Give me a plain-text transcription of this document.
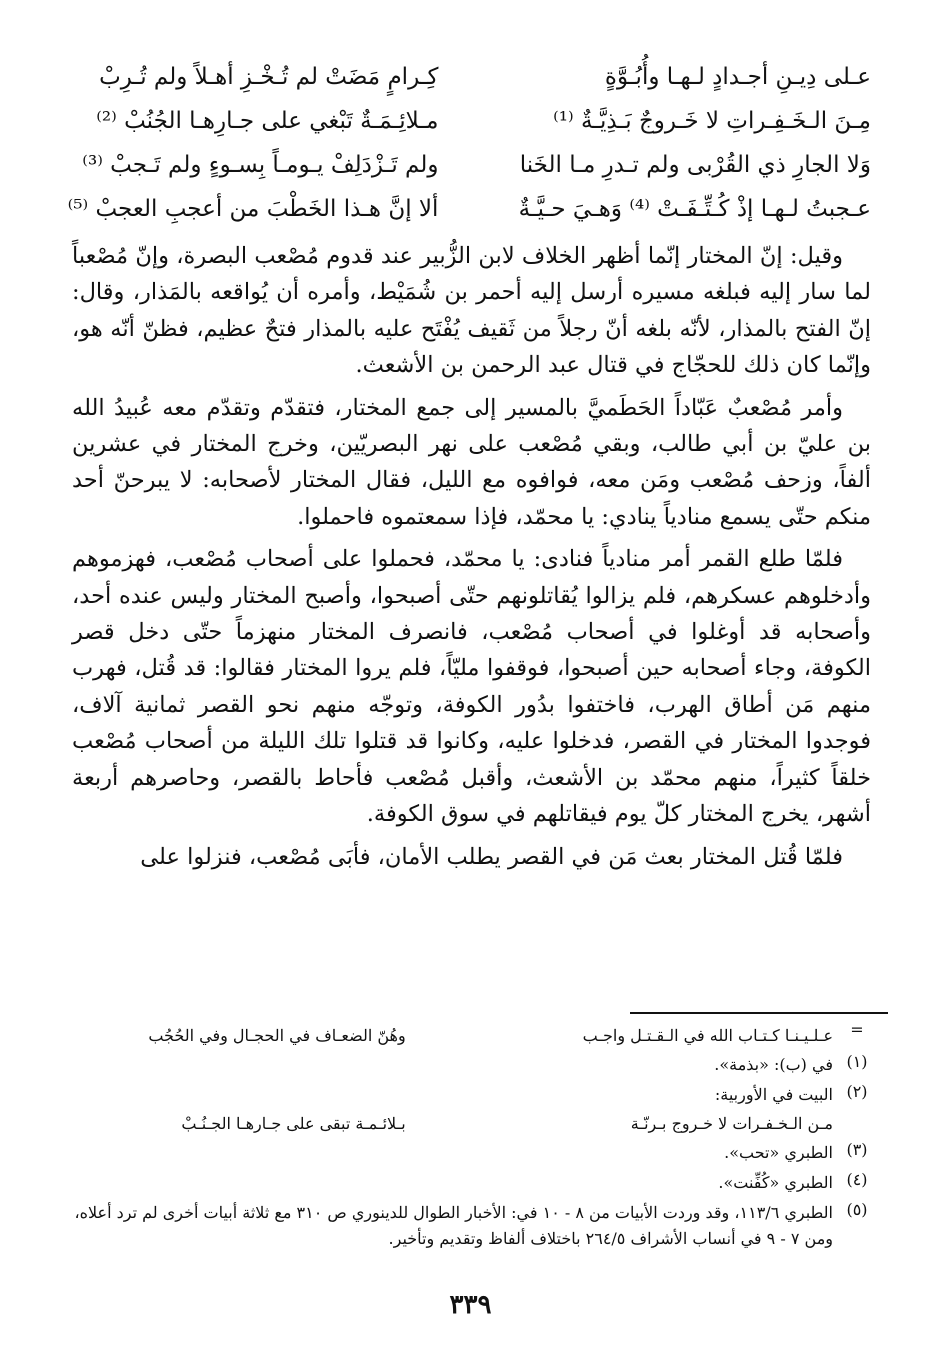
عـلى دِيـنِ أجـدادٍ لـهـا وأُبُـوَّةٍ
كِـرامٍ مَضَتْ لم تُـخْـزِ أهـلاً ولم تُـرِبْ
مِـنَ الـخَـفِـراتِ لا خَـروجٌ بَـذِيَّـةٌ ⁽¹⁾
مـلائِـمَـةٌ تَبْغي على جـارِهـا الجُنُبْ ⁽²⁾
وَلا الجارِ ذي القُرْبى ولم تـدرِ مـا الخَنا
ولم تَـزْدَلِفْ يـومـاً بِسـوءٍ ولم تَـجبْ ⁽³⁾
عـجبتُ لـهـا إذْ كُـتِّـفَـتْ ⁽⁴⁾ وَهـيَ حـيَّـةٌ
ألا إنَّ هـذا الخَطْبَ من أعجبِ العجبْ ⁽⁵⁾

وقيل: إنّ المختار إنّما أظهر الخلاف لابن الزُّبير عند قدوم مُصْعب البصرة، وإنّ مُصْعباً لما سار إليه فبلغه مسيره أرسل إليه أحمر بن شُمَيْط، وأمره أن يُواقعه بالمَذار، وقال: إنّ الفتح بالمذار، لأنّه بلغه أنّ رجلاً من ثَقيف يُفْتَح عليه بالمذار فتحٌ عظيم، فظنّ أنّه هو، وإنّما كان ذلك للحجّاج في قتال عبد الرحمن بن الأشعث.

وأمر مُصْعبٌ عَبّاداً الحَطَميَّ بالمسير إلى جمع المختار، فتقدّم وتقدّم معه عُبيدُ الله بن عليّ بن أبي طالب، وبقي مُصْعب على نهر البصريّين، وخرج المختار في عشرين ألفاً، وزحف مُصْعب ومَن معه، فوافوه مع الليل، فقال المختار لأصحابه: لا يبرحنّ أحد منكم حتّى يسمع منادياً ينادي: يا محمّد، فإذا سمعتموه فاحملوا.

فلمّا طلع القمر أمر منادياً فنادى: يا محمّد، فحملوا على أصحاب مُصْعب، فهزموهم وأدخلوهم عسكرهم، فلم يزالوا يُقاتلونهم حتّى أصبحوا، وأصبح المختار وليس عنده أحد، وأصحابه قد أوغلوا في أصحاب مُصْعب، فانصرف المختار منهزماً حتّى دخل قصر الكوفة، وجاء أصحابه حين أصبحوا، فوقفوا مليّاً، فلم يروا المختار فقالوا: قد قُتل، فهرب منهم مَن أطاق الهرب، فاختفوا بدُور الكوفة، وتوجّه منهم نحو القصر ثمانية آلاف، فوجدوا المختار في القصر، فدخلوا عليه، وكانوا قد قتلوا تلك الليلة من أصحاب مُصْعب خلقاً كثيراً، منهم محمّد بن الأشعث، وأقبل مُصْعب فأحاط بالقصر، وحاصرهم أربعة أشهر، يخرج المختار كلّ يوم فيقاتلهم في سوق الكوفة.

فلمّا قُتل المختار بعث مَن في القصر يطلب الأمان، فأبَى مُصْعب، فنزلوا على

=
عـلـيـنـا كـتـاب الله في الـقـتـل واجـب
وهُنّ الضعـاف في الحجـال وفي الحُجُب
(١)
في (ب): «بذمة».
(٢)
البيت في الأوربية:
مـن الـخـفـرات لا خـروج بـرنّـة
بـلائـمـة تبقى على جـارهـا الجـنُـبْ
(٣)
الطبري «تحب».
(٤)
الطبري «كُفِّنت».
(٥)
الطبري ١١٣/٦، وقد وردت الأبيات من ٨ - ١٠ في: الأخبار الطوال للدينوري ص ٣١٠ مع ثلاثة أبيات أخرى لم ترد أعلاه، ومن ٧ - ٩ في أنساب الأشراف ٢٦٤/٥ باختلاف ألفاظ وتقديم وتأخير.
٣٣٩
